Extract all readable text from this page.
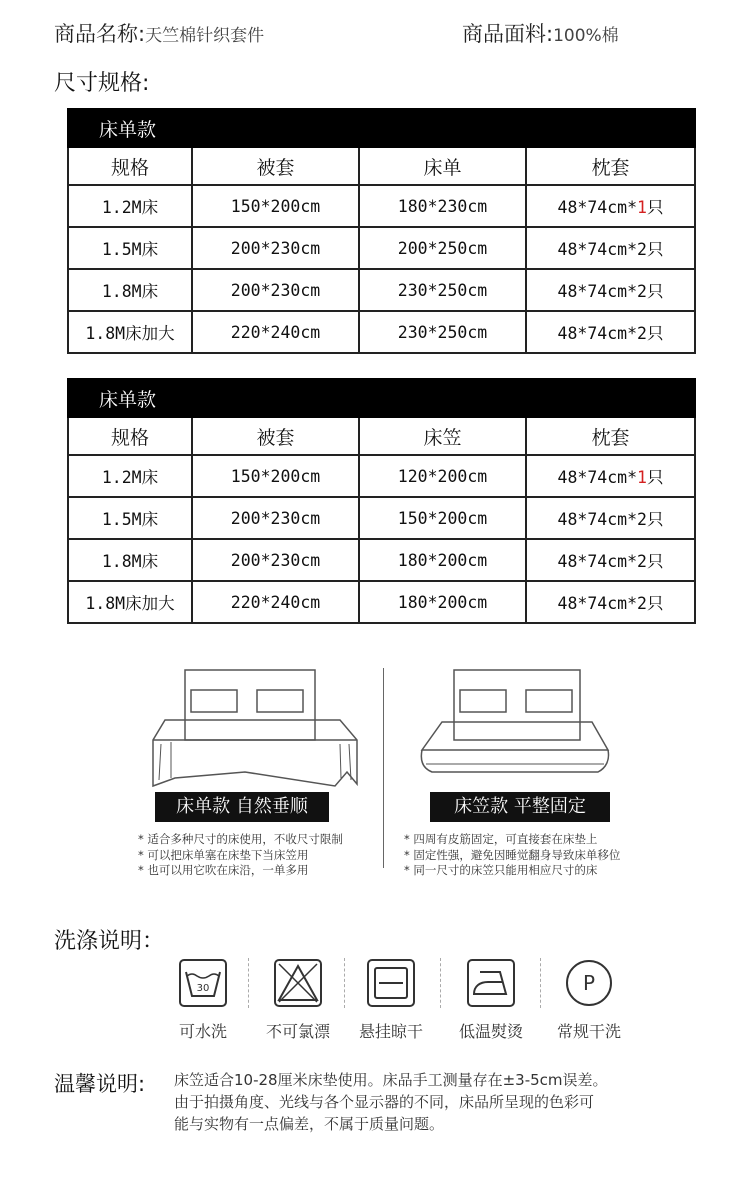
商品名称:天竺棉针织套件	商品面料:100%棉
尺寸规格:
床单款			
规格	被套	床单	枕套
1.2M床	150*200cm	180*230cm	48*74cm*1只
1.5M床	200*230cm	200*250cm	48*74cm*2只
1.8M床	200*230cm	230*250cm	48*74cm*2只
1.8M床加大	220*240cm	230*250cm	48*74cm*2只
床单款			
规格	被套	床笠	枕套
1.2M床	150*200cm	120*200cm	48*74cm*1只
1.5M床	200*230cm	150*200cm	48*74cm*2只
1.8M床	200*230cm	180*200cm	48*74cm*2只
1.8M床加大	220*240cm	180*200cm	48*74cm*2只
床单款 自然垂顺	床笠款 平整固定
* 适合多种尺寸的床使用，不收尺寸限制
* 可以把床单塞在床垫下当床笠用
* 也可以用它吹在床沿，一单多用
* 四周有皮筋固定，可直接套在床垫上
* 固定性强，避免因睡觉翻身导致床单移位
* 同一尺寸的床笠只能用相应尺寸的床
洗涤说明：
30	P
可水洗	不可氯漂	悬挂晾干	低温熨烫	常规干洗
温馨说明: 床笠适合10-28厘米床垫使用。床品手工测量存在±3-5cm误差。
由于拍摄角度、光线与各个显示器的不同，床品所呈现的色彩可
能与实物有一点偏差，不属于质量问题。
